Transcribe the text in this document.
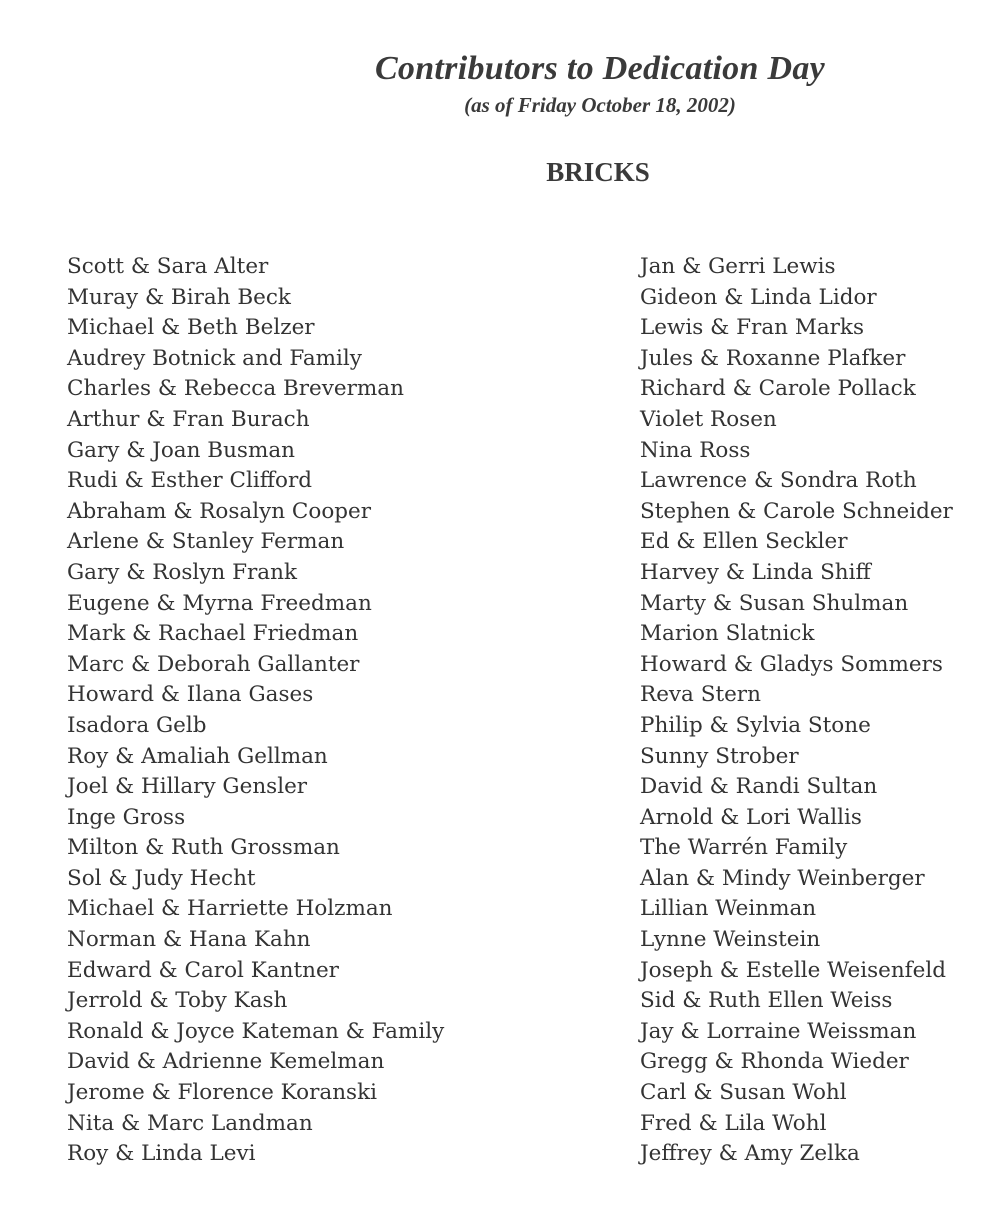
Contributors to Dedication Day

(as of Friday October 18, 2002)

BRICKS
Scott & Sara Alter
Muray & Birah Beck
Michael & Beth Belzer
Audrey Botnick and Family
Charles & Rebecca Breverman
Arthur & Fran Burach
Gary & Joan Busman
Rudi & Esther Clifford
Abraham & Rosalyn Cooper
Arlene & Stanley Ferman
Gary & Roslyn Frank
Eugene & Myrna Freedman
Mark & Rachael Friedman
Marc & Deborah Gallanter
Howard & Ilana Gases
Isadora Gelb
Roy & Amaliah Gellman
Joel & Hillary Gensler
Inge Gross
Milton & Ruth Grossman
Sol & Judy Hecht
Michael & Harriette Holzman
Norman & Hana Kahn
Edward & Carol Kantner
Jerrold & Toby Kash
Ronald & Joyce Kateman & Family
David & Adrienne Kemelman
Jerome & Florence Koranski
Nita & Marc Landman
Roy & Linda Levi
Jan & Gerri Lewis
Gideon & Linda Lidor
Lewis & Fran Marks
Jules & Roxanne Plafker
Richard & Carole Pollack
Violet Rosen
Nina Ross
Lawrence & Sondra Roth
Stephen & Carole Schneider
Ed & Ellen Seckler
Harvey & Linda Shiff
Marty & Susan Shulman
Marion Slatnick
Howard & Gladys Sommers
Reva Stern
Philip & Sylvia Stone
Sunny Strober
David & Randi Sultan
Arnold & Lori Wallis
The Warrén Family
Alan & Mindy Weinberger
Lillian Weinman
Lynne Weinstein
Joseph & Estelle Weisenfeld
Sid & Ruth Ellen Weiss
Jay & Lorraine Weissman
Gregg & Rhonda Wieder
Carl & Susan Wohl
Fred & Lila Wohl
Jeffrey & Amy Zelka
